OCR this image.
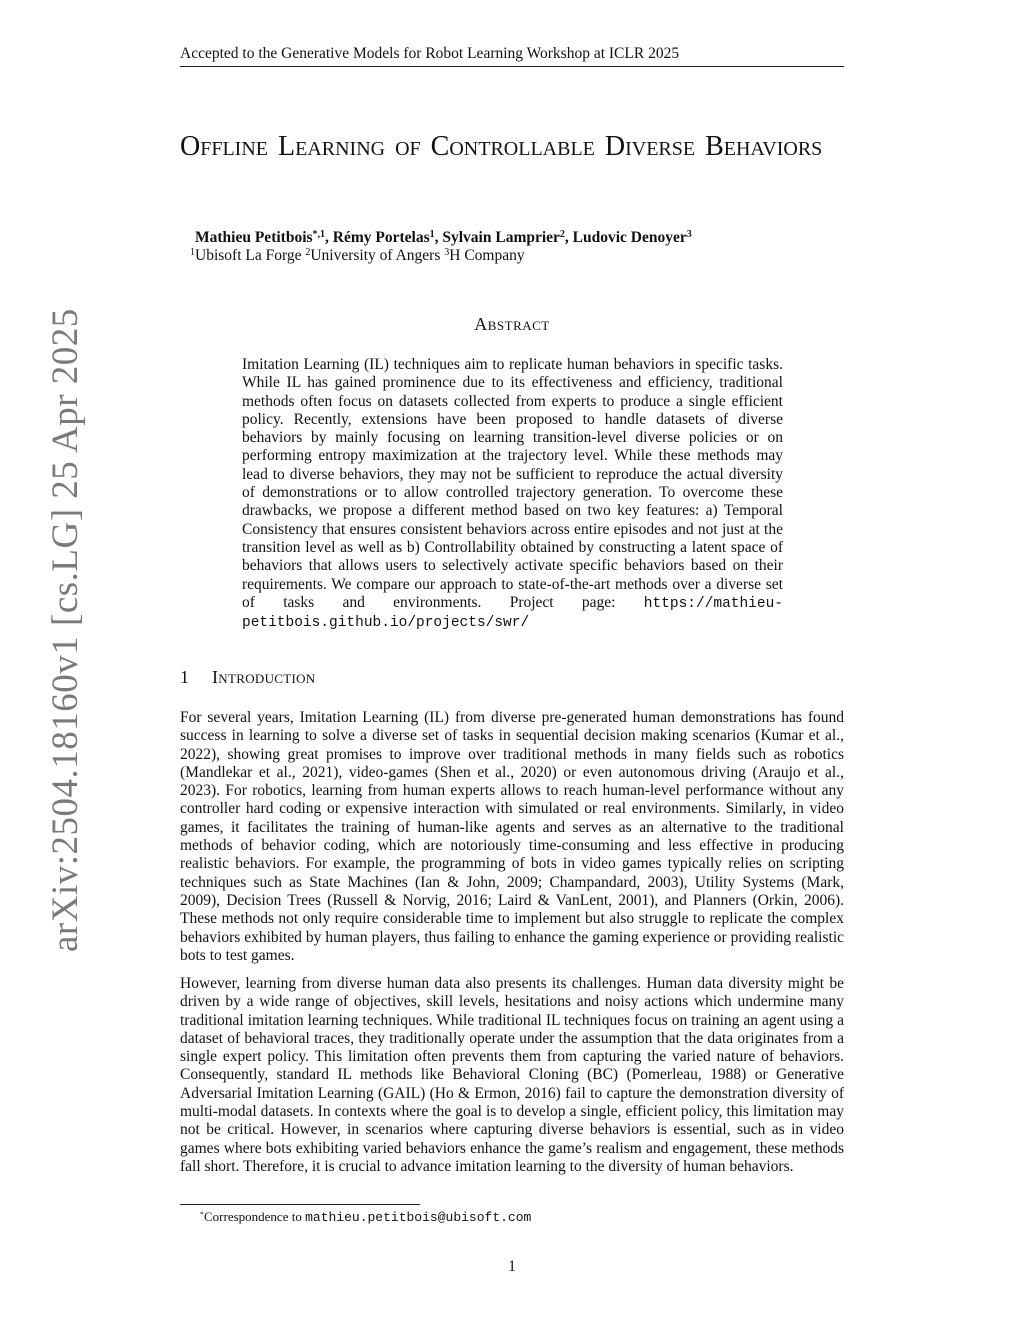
Accepted to the Generative Models for Robot Learning Workshop at ICLR 2025
arXiv:2504.18160v1 [cs.LG] 25 Apr 2025
Offline Learning of Controllable Diverse Behaviors
Mathieu Petitbois$^{*,1}$, Rémy Portelas$^1$, Sylvain Lamprier$^2$, Ludovic Denoyer$^3$
$^1$Ubisoft La Forge $^2$University of Angers $^3$H Company
Abstract

Imitation Learning (IL) techniques aim to replicate human behaviors in specific tasks. While IL has gained prominence due to its effectiveness and efficiency, traditional methods often focus on datasets collected from experts to produce a single efficient policy. Recently, extensions have been proposed to handle datasets of diverse behaviors by mainly focusing on learning transition-level diverse policies or on performing entropy maximization at the trajectory level. While these methods may lead to diverse behaviors, they may not be sufficient to reproduce the actual diversity of demonstrations or to allow controlled trajectory generation. To overcome these drawbacks, we propose a different method based on two key features: a) Temporal Consistency that ensures consistent behaviors across entire episodes and not just at the transition level as well as b) Controllability obtained by constructing a latent space of behaviors that allows users to selectively activate specific behaviors based on their requirements. We compare our approach to state-of-the-art methods over a diverse set of tasks and environments. Project page: https://mathieu-petitbois.github.io/projects/swr/

1 Introduction

For several years, Imitation Learning (IL) from diverse pre-generated human demonstrations has found success in learning to solve a diverse set of tasks in sequential decision making scenarios (Kumar et al., 2022), showing great promises to improve over traditional methods in many fields such as robotics (Mandlekar et al., 2021), video-games (Shen et al., 2020) or even autonomous driving (Araujo et al., 2023). For robotics, learning from human experts allows to reach human-level performance without any controller hard coding or expensive interaction with simulated or real environments. Similarly, in video games, it facilitates the training of human-like agents and serves as an alternative to the traditional methods of behavior coding, which are notoriously time-consuming and less effective in producing realistic behaviors. For example, the programming of bots in video games typically relies on scripting techniques such as State Machines (Ian & John, 2009; Champandard, 2003), Utility Systems (Mark, 2009), Decision Trees (Russell & Norvig, 2016; Laird & VanLent, 2001), and Planners (Orkin, 2006). These methods not only require considerable time to implement but also struggle to replicate the complex behaviors exhibited by human players, thus failing to enhance the gaming experience or providing realistic bots to test games.

However, learning from diverse human data also presents its challenges. Human data diversity might be driven by a wide range of objectives, skill levels, hesitations and noisy actions which undermine many traditional imitation learning techniques. While traditional IL techniques focus on training an agent using a dataset of behavioral traces, they traditionally operate under the assumption that the data originates from a single expert policy. This limitation often prevents them from capturing the varied nature of behaviors. Consequently, standard IL methods like Behavioral Cloning (BC) (Pomerleau, 1988) or Generative Adversarial Imitation Learning (GAIL) (Ho & Ermon, 2016) fail to capture the demonstration diversity of multi-modal datasets. In contexts where the goal is to develop a single, efficient policy, this limitation may not be critical. However, in scenarios where capturing diverse behaviors is essential, such as in video games where bots exhibiting varied behaviors enhance the game’s realism and engagement, these methods fall short. Therefore, it is crucial to advance imitation learning to the diversity of human behaviors.

*Correspondence to mathieu.petitbois@ubisoft.com
1
